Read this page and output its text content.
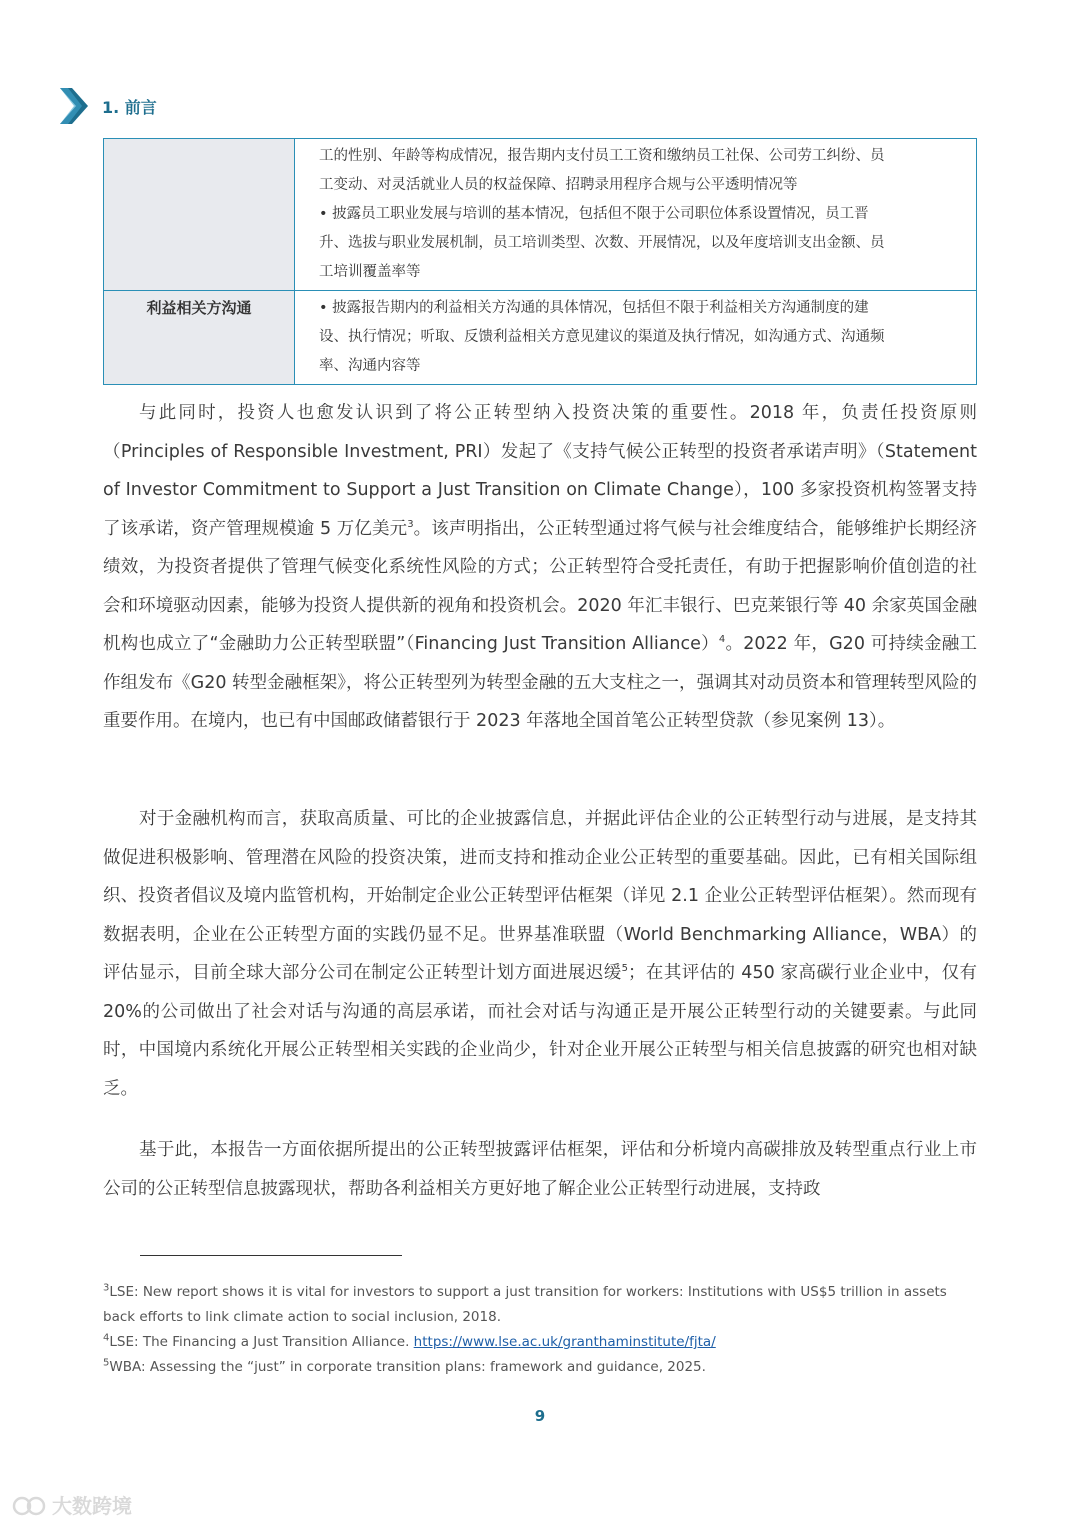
1. 前言

	工的性别、年龄等构成情况，报告期内支付员工工资和缴纳员工社保、公司劳工纠纷、员
工变动、对灵活就业人员的权益保障、招聘录用程序合规与公平透明情况等
• 披露员工职业发展与培训的基本情况，包括但不限于公司职位体系设置情况，员工晋
升、选拔与职业发展机制，员工培训类型、次数、开展情况，以及年度培训支出金额、员
工培训覆盖率等

利益相关方沟通	• 披露报告期内的利益相关方沟通的具体情况，包括但不限于利益相关方沟通制度的建
设、执行情况；听取、反馈利益相关方意见建议的渠道及执行情况，如沟通方式、沟通频
率、沟通内容等

与此同时，投资人也愈发认识到了将公正转型纳入投资决策的重要性。2018 年，负责任投资原则（Principles of Responsible Investment, PRI）发起了《支持气候公正转型的投资者承诺声明》（Statement of Investor Commitment to Support a Just Transition on Climate Change），100 多家投资机构签署支持了该承诺，资产管理规模逾 5 万亿美元$^3$。该声明指出，公正转型通过将气候与社会维度结合，能够维护长期经济绩效，为投资者提供了管理气候变化系统性风险的方式；公正转型符合受托责任，有助于把握影响价值创造的社会和环境驱动因素，能够为投资人提供新的视角和投资机会。2020 年汇丰银行、巴克莱银行等 40 余家英国金融机构也成立了“金融助力公正转型联盟”（Financing Just Transition Alliance）$^4$。2022 年，G20 可持续金融工作组发布《G20 转型金融框架》，将公正转型列为转型金融的五大支柱之一，强调其对动员资本和管理转型风险的重要作用。在境内，也已有中国邮政储蓄银行于 2023 年落地全国首笔公正转型贷款（参见案例 13）。

对于金融机构而言，获取高质量、可比的企业披露信息，并据此评估企业的公正转型行动与进展，是支持其做促进积极影响、管理潜在风险的投资决策，进而支持和推动企业公正转型的重要基础。因此，已有相关国际组织、投资者倡议及境内监管机构，开始制定企业公正转型评估框架（详见 2.1 企业公正转型评估框架）。然而现有数据表明，企业在公正转型方面的实践仍显不足。世界基准联盟（World Benchmarking Alliance，WBA）的评估显示，目前全球大部分公司在制定公正转型计划方面进展迟缓$^5$；在其评估的 450 家高碳行业企业中，仅有 20%的公司做出了社会对话与沟通的高层承诺，而社会对话与沟通正是开展公正转型行动的关键要素。与此同时，中国境内系统化开展公正转型相关实践的企业尚少，针对企业开展公正转型与相关信息披露的研究也相对缺乏。

基于此，本报告一方面依据所提出的公正转型披露评估框架，评估和分析境内高碳排放及转型重点行业上市公司的公正转型信息披露现状，帮助各利益相关方更好地了解企业公正转型行动进展，支持政

$^3$LSE: New report shows it is vital for investors to support a just transition for workers: Institutions with US$5 trillion in assets back efforts to link climate action to social inclusion, 2018.
$^4$LSE: The Financing a Just Transition Alliance. https://www.lse.ac.uk/granthaminstitute/fjta/
$^5$WBA: Assessing the “just” in corporate transition plans: framework and guidance, 2025.
9
大数跨境
